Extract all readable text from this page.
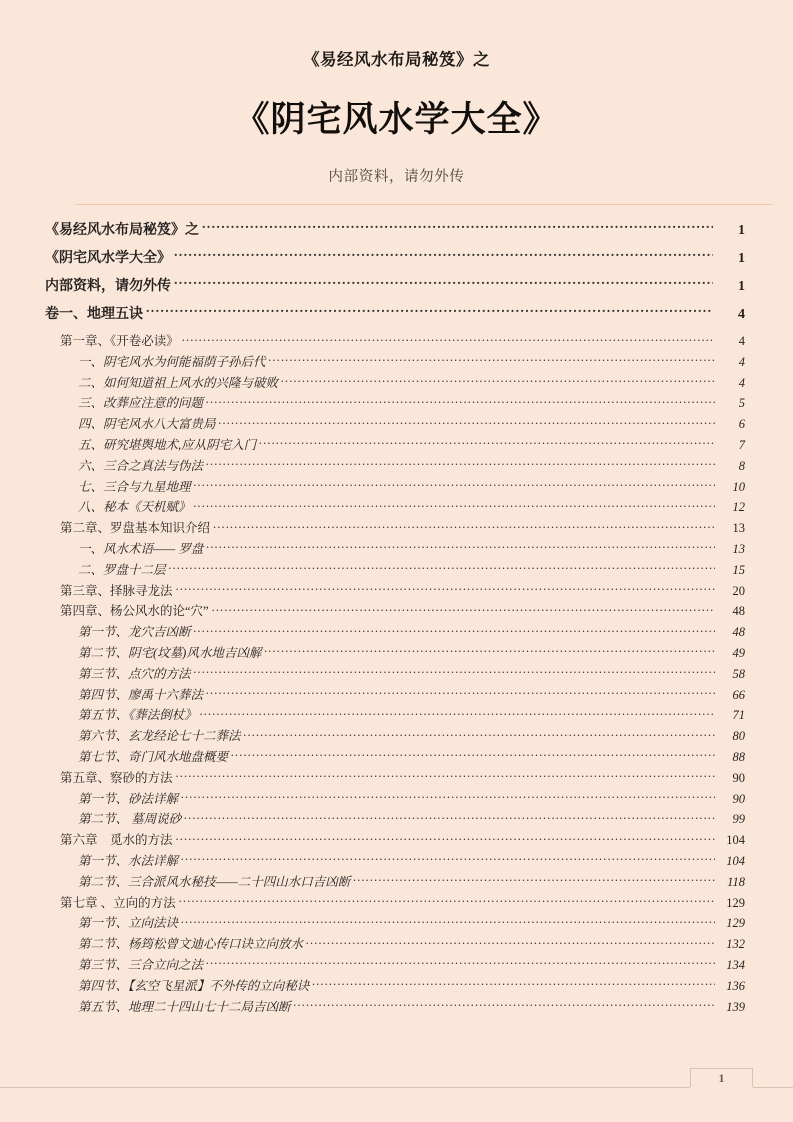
《易经风水布局秘笈》之
《阴宅风水学大全》
内部资料，请勿外传
《易经风水布局秘笈》之 .....	1
《阴宅风水学大全》 .....	1
内部资料，请勿外传 .....	1
卷一、地理五诀 .....	4
第一章、《开卷必读》 .....	4
一、阴宅风水为何能福荫子孙后代 .....	4
二、如何知道祖上风水的兴隆与破败 .....	4
三、改葬应注意的问题 .....	5
四、阴宅风水八大富贵局 .....	6
五、研究堪舆地术,应从阴宅入门 .....	7
六、三合之真法与伪法 .....	8
七、三合与九星地理 .....	10
八、秘本《天机赋》 .....	12
第二章、罗盘基本知识介绍 .....	13
一、风水术语—— 罗盘 .....	13
二、罗盘十二层 .....	15
第三章、择脉寻龙法 .....	20
第四章、杨公风水的论“穴” .....	48
第一节、龙穴吉凶断 .....	48
第二节、阴宅(坟墓)风水地吉凶解 .....	49
第三节、点穴的方法 .....	58
第四节、廖禹十六葬法 .....	66
第五节、《葬法倒杖》 .....	71
第六节、玄龙经论七十二葬法 .....	80
第七节、奇门风水地盘概要 .....	88
第五章、察砂的方法 .....	90
第一节、砂法详解 .....	90
第二节、 墓周说砂 .....	99
第六章　觅水的方法 .....	104
第一节、水法详解 .....	104
第二节、三合派风水秘技——二十四山水口吉凶断 .....	118
第七章 、立向的方法 .....	129
第一节、立向法诀 .....	129
第二节、杨筠松曾文迪心传口诀立向放水 .....	132
第三节、三合立向之法 .....	134
第四节、【玄空飞星派】不外传的立向秘诀 .....	136
第五节、地理二十四山七十二局吉凶断 .....	139
1
